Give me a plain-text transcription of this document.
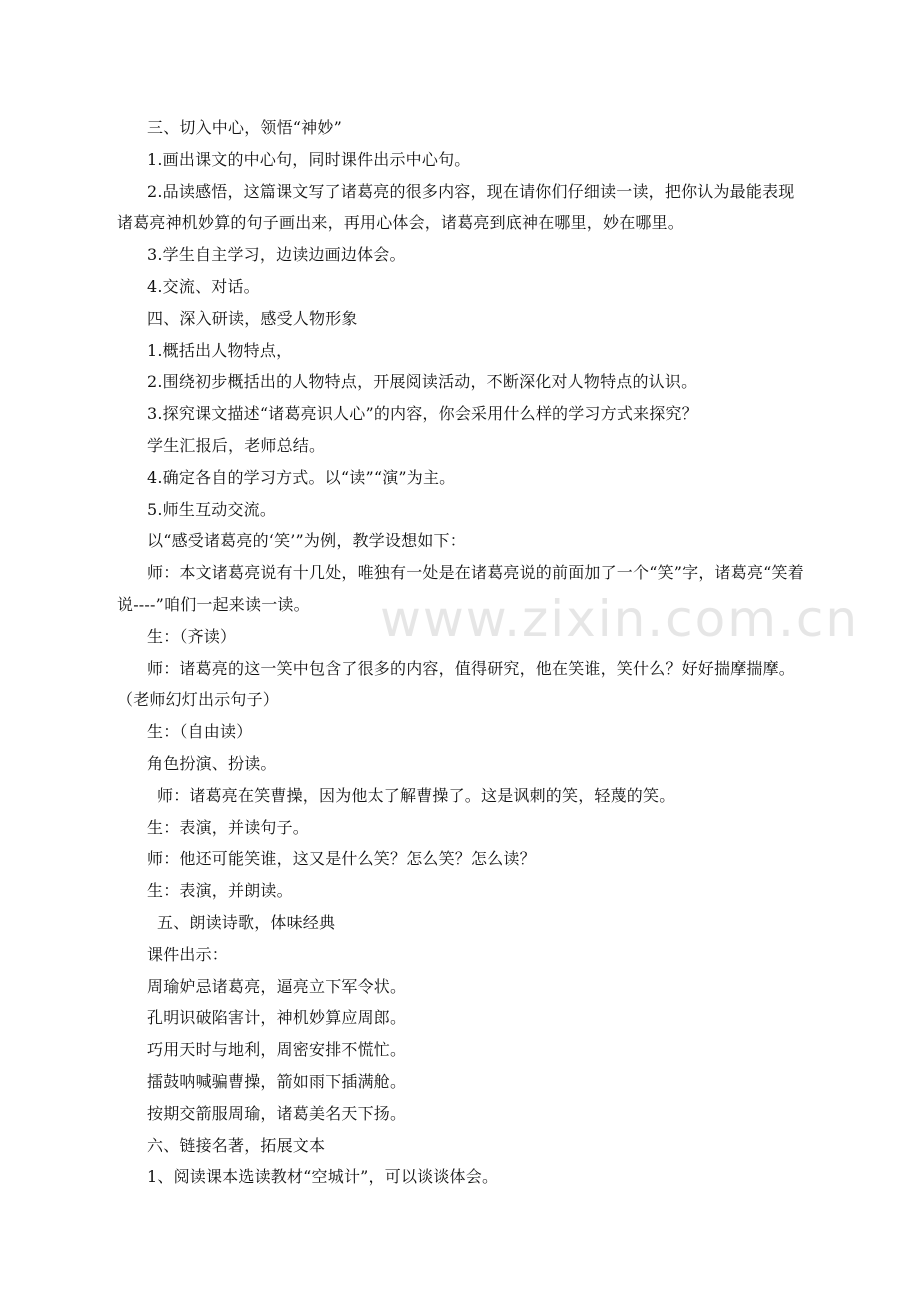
三、切入中心，领悟“神妙”

1.画出课文的中心句，同时课件出示中心句。

2.品读感悟，这篇课文写了诸葛亮的很多内容，现在请你们仔细读一读，把你认为最能表现诸葛亮神机妙算的句子画出来，再用心体会，诸葛亮到底神在哪里，妙在哪里。

3.学生自主学习，边读边画边体会。

4.交流、对话。

四、深入研读，感受人物形象

1.概括出人物特点，

2.围绕初步概括出的人物特点，开展阅读活动，不断深化对人物特点的认识。

3.探究课文描述“诸葛亮识人心”的内容，你会采用什么样的学习方式来探究？

学生汇报后，老师总结。

4.确定各自的学习方式。以“读”“演”为主。

5.师生互动交流。

以“感受诸葛亮的‘笑’”为例，教学设想如下：

师：本文诸葛亮说有十几处，唯独有一处是在诸葛亮说的前面加了一个“笑”字，诸葛亮“笑着说----”咱们一起来读一读。

生：（齐读）

师：诸葛亮的这一笑中包含了很多的内容，值得研究，他在笑谁，笑什么？好好揣摩揣摩。（老师幻灯出示句子）

生：（自由读）

角色扮演、扮读。

师：诸葛亮在笑曹操，因为他太了解曹操了。这是讽刺的笑，轻蔑的笑。

生：表演，并读句子。

师：他还可能笑谁，这又是什么笑？怎么笑？怎么读？

生：表演，并朗读。

五、朗读诗歌，体味经典

课件出示：

周瑜妒忌诸葛亮，逼亮立下军令状。

孔明识破陷害计，神机妙算应周郎。

巧用天时与地利，周密安排不慌忙。

擂鼓呐喊骗曹操，箭如雨下插满舱。

按期交箭服周瑜，诸葛美名天下扬。

六、链接名著，拓展文本

1、阅读课本选读教材“空城计”，可以谈谈体会。

www.zixin.com.cn
